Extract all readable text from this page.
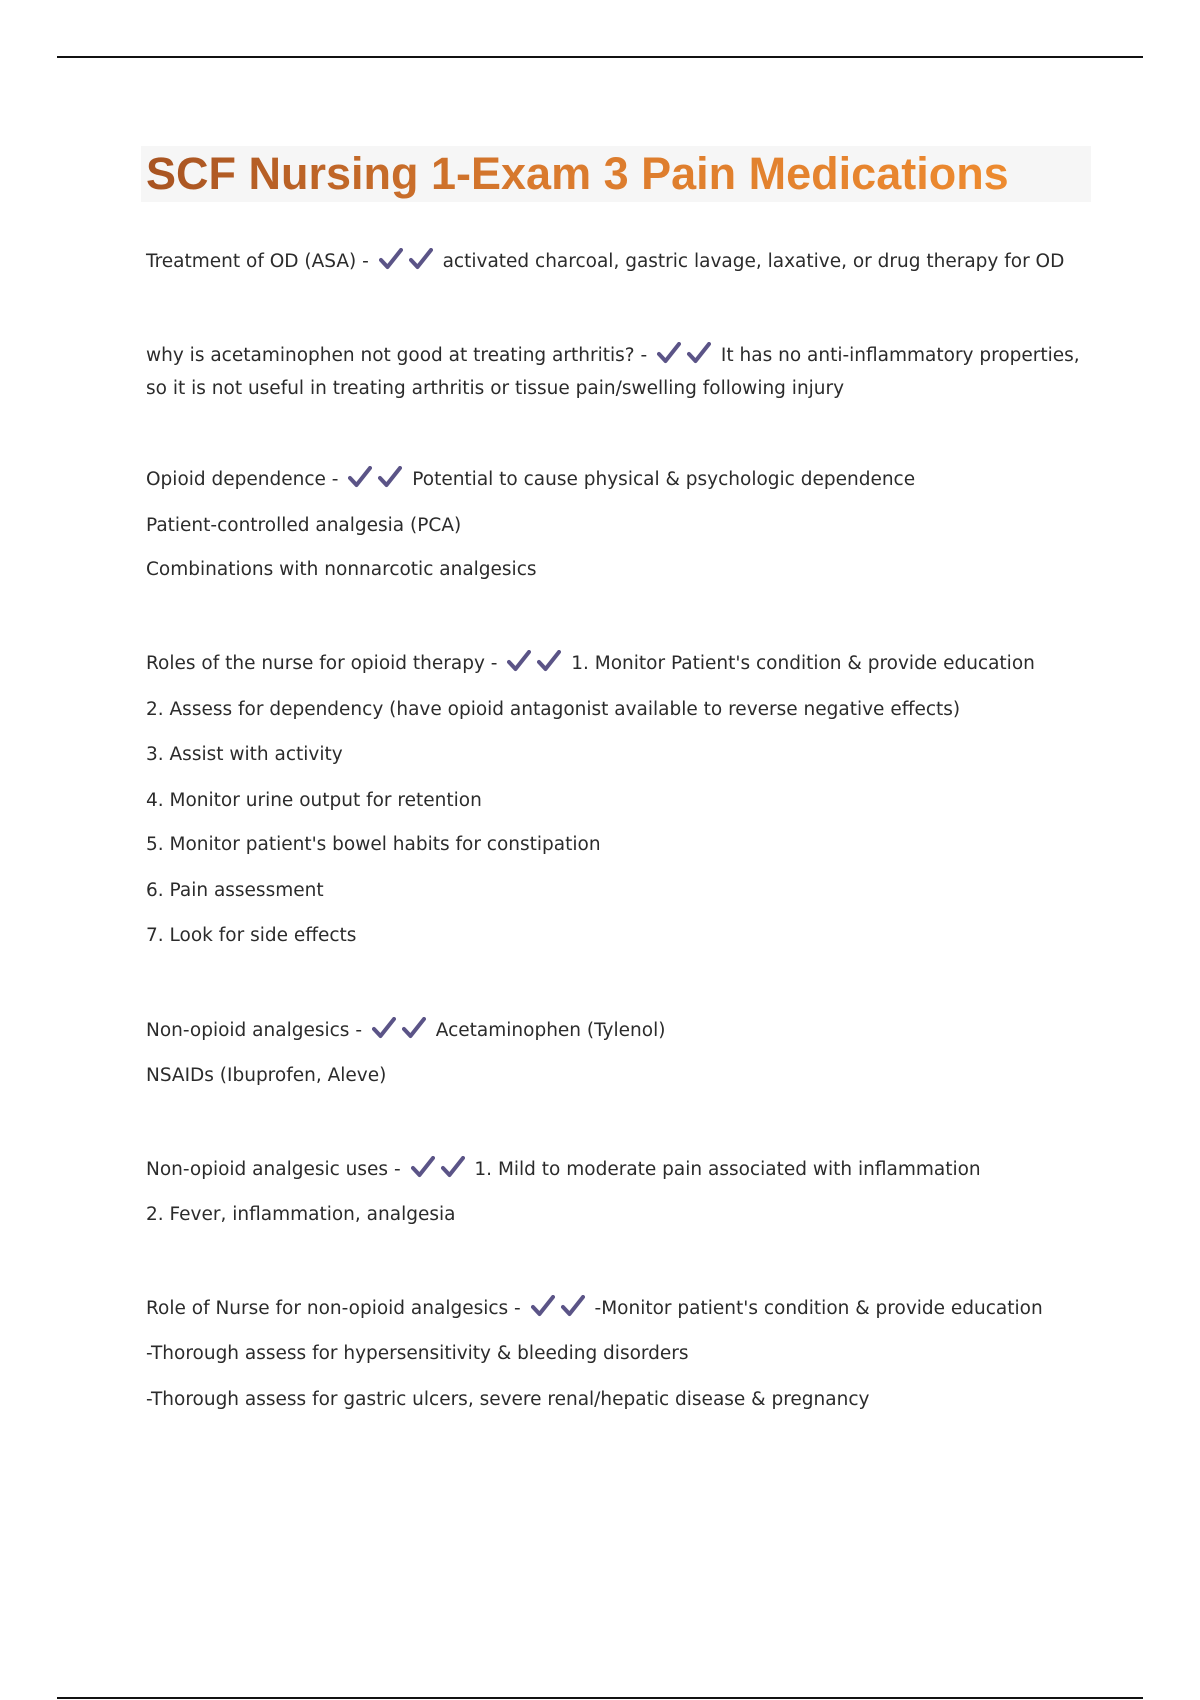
SCF Nursing 1-Exam 3 Pain Medications

Treatment of OD (ASA) -	activated charcoal, gastric lavage, laxative, or drug therapy for OD

why is acetaminophen not good at treating arthritis? -	It has no anti-inflammatory properties, so it is not useful in treating arthritis or tissue pain/swelling following injury

Opioid dependence -	Potential to cause physical & psychologic dependence

Patient-controlled analgesia (PCA)

Combinations with nonnarcotic analgesics

Roles of the nurse for opioid therapy -	1. Monitor Patient's condition & provide education

2. Assess for dependency (have opioid antagonist available to reverse negative effects)

3. Assist with activity

4. Monitor urine output for retention

5. Monitor patient's bowel habits for constipation

6. Pain assessment

7. Look for side effects

Non-opioid analgesics -	Acetaminophen (Tylenol)

NSAIDs (Ibuprofen, Aleve)

Non-opioid analgesic uses -	1. Mild to moderate pain associated with inflammation

2. Fever, inflammation, analgesia

Role of Nurse for non-opioid analgesics -	-Monitor patient's condition & provide education

-Thorough assess for hypersensitivity & bleeding disorders

-Thorough assess for gastric ulcers, severe renal/hepatic disease & pregnancy
